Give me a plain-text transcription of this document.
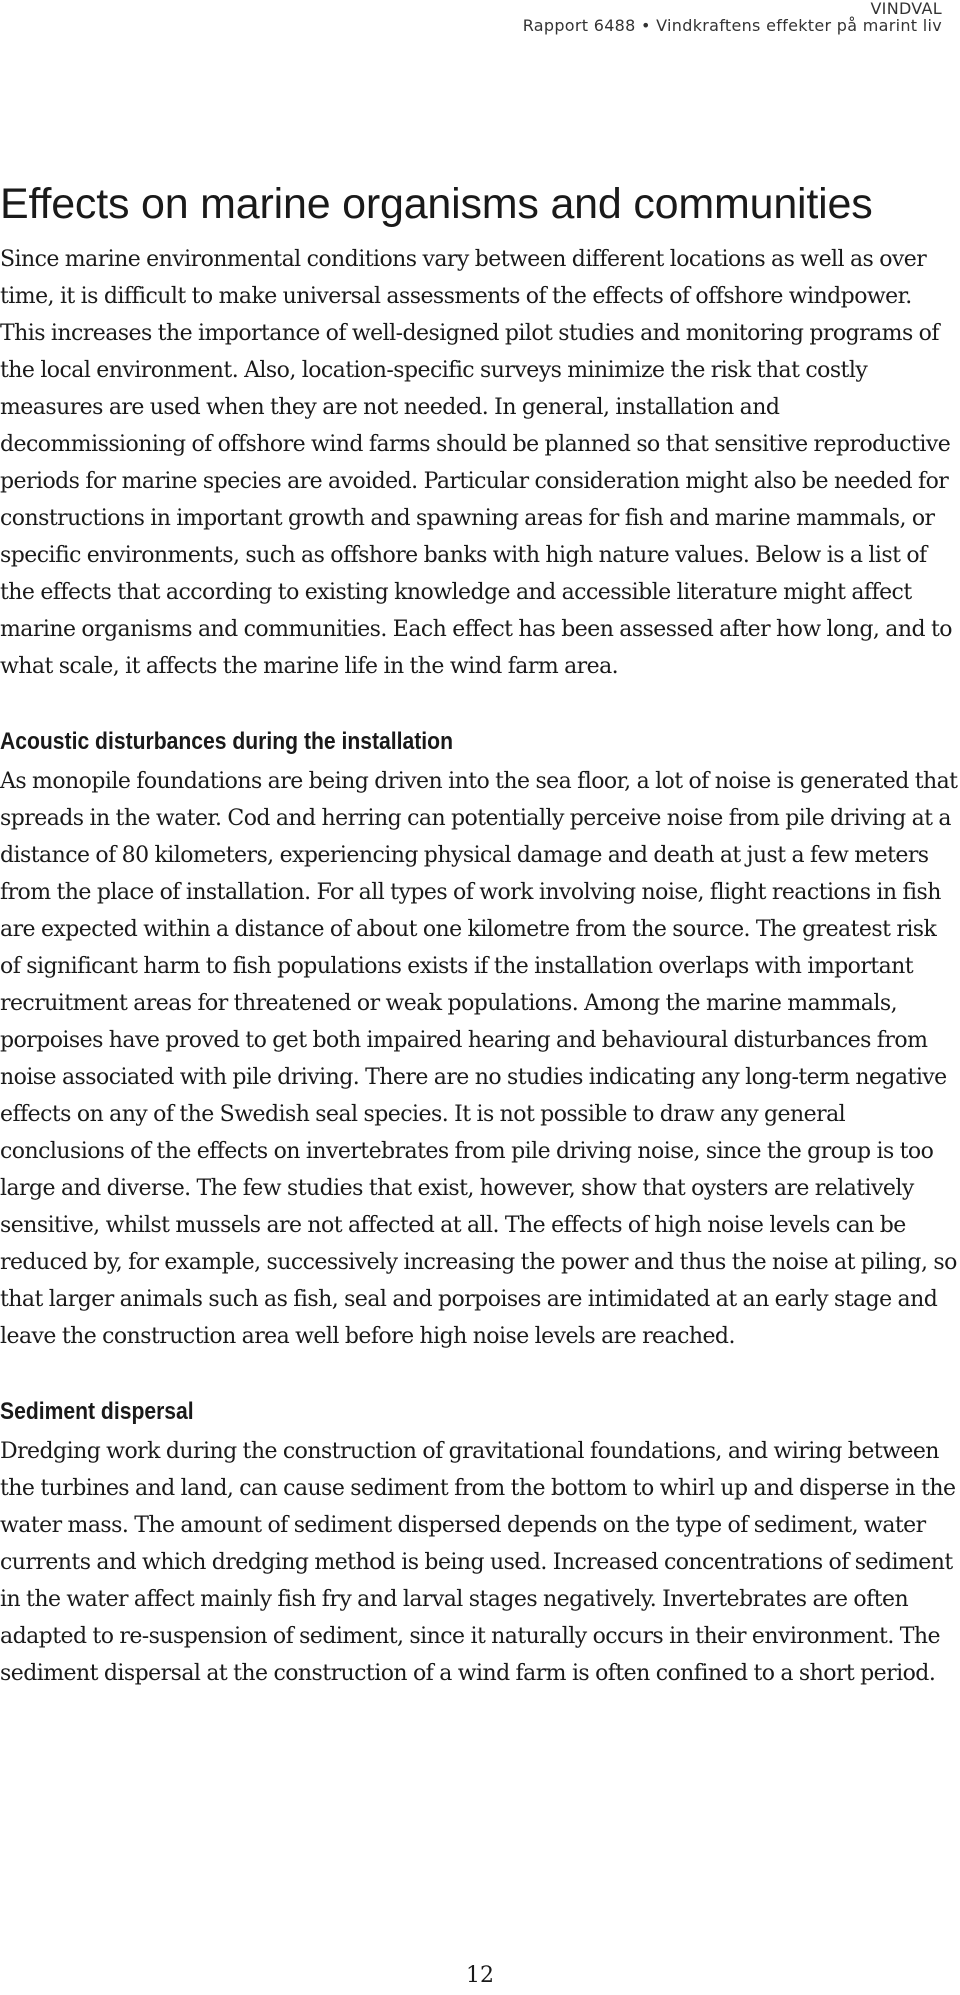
VINDVAL
Rapport 6488 • Vindkraftens effekter på marint liv
Effects on marine organisms and communities

Since marine environmental conditions vary between different locations as well as over time, it is difficult to make universal assessments of the effects of offshore windpower. This increases the importance of well-designed pilot studies and monitoring programs of the local environment. Also, location-specific surveys minimize the risk that costly measures are used when they are not needed. In general, installation and decommissioning of offshore wind farms should be planned so that sensitive reproductive periods for marine species are avoided. Particular consideration might also be needed for constructions in important growth and spawning areas for fish and marine mammals, or specific environments, such as offshore banks with high nature values. Below is a list of the effects that according to existing knowledge and accessible literature might affect marine organisms and communities. Each effect has been assessed after how long, and to what scale, it affects the marine life in the wind farm area.

Acoustic disturbances during the installation

As monopile foundations are being driven into the sea floor, a lot of noise is generated that spreads in the water. Cod and herring can potentially perceive noise from pile driving at a distance of 80 kilometers, experiencing physical damage and death at just a few meters from the place of installation. For all types of work involving noise, flight reactions in fish are expected within a distance of about one kilometre from the source. The greatest risk of significant harm to fish populations exists if the installation overlaps with important recruitment areas for threatened or weak populations. Among the marine mammals, porpoises have proved to get both impaired hearing and behavioural disturbances from noise associated with pile driving. There are no studies indicating any long-term negative effects on any of the Swedish seal species. It is not possible to draw any general conclusions of the effects on invertebrates from pile driving noise, since the group is too large and diverse. The few studies that exist, however, show that oysters are relatively sensitive, whilst mussels are not affected at all. The effects of high noise levels can be reduced by, for example, successively increasing the power and thus the noise at piling, so that larger animals such as fish, seal and porpoises are intimidated at an early stage and leave the construction area well before high noise levels are reached.

Sediment dispersal

Dredging work during the construction of gravitational foundations, and wiring between the turbines and land, can cause sediment from the bottom to whirl up and disperse in the water mass. The amount of sediment dispersed depends on the type of sediment, water currents and which dredging method is being used. Increased concentrations of sediment in the water affect mainly fish fry and larval stages negatively. Invertebrates are often adapted to re-suspension of sediment, since it naturally occurs in their environment. The sediment dispersal at the construction of a wind farm is often confined to a short period.

12
